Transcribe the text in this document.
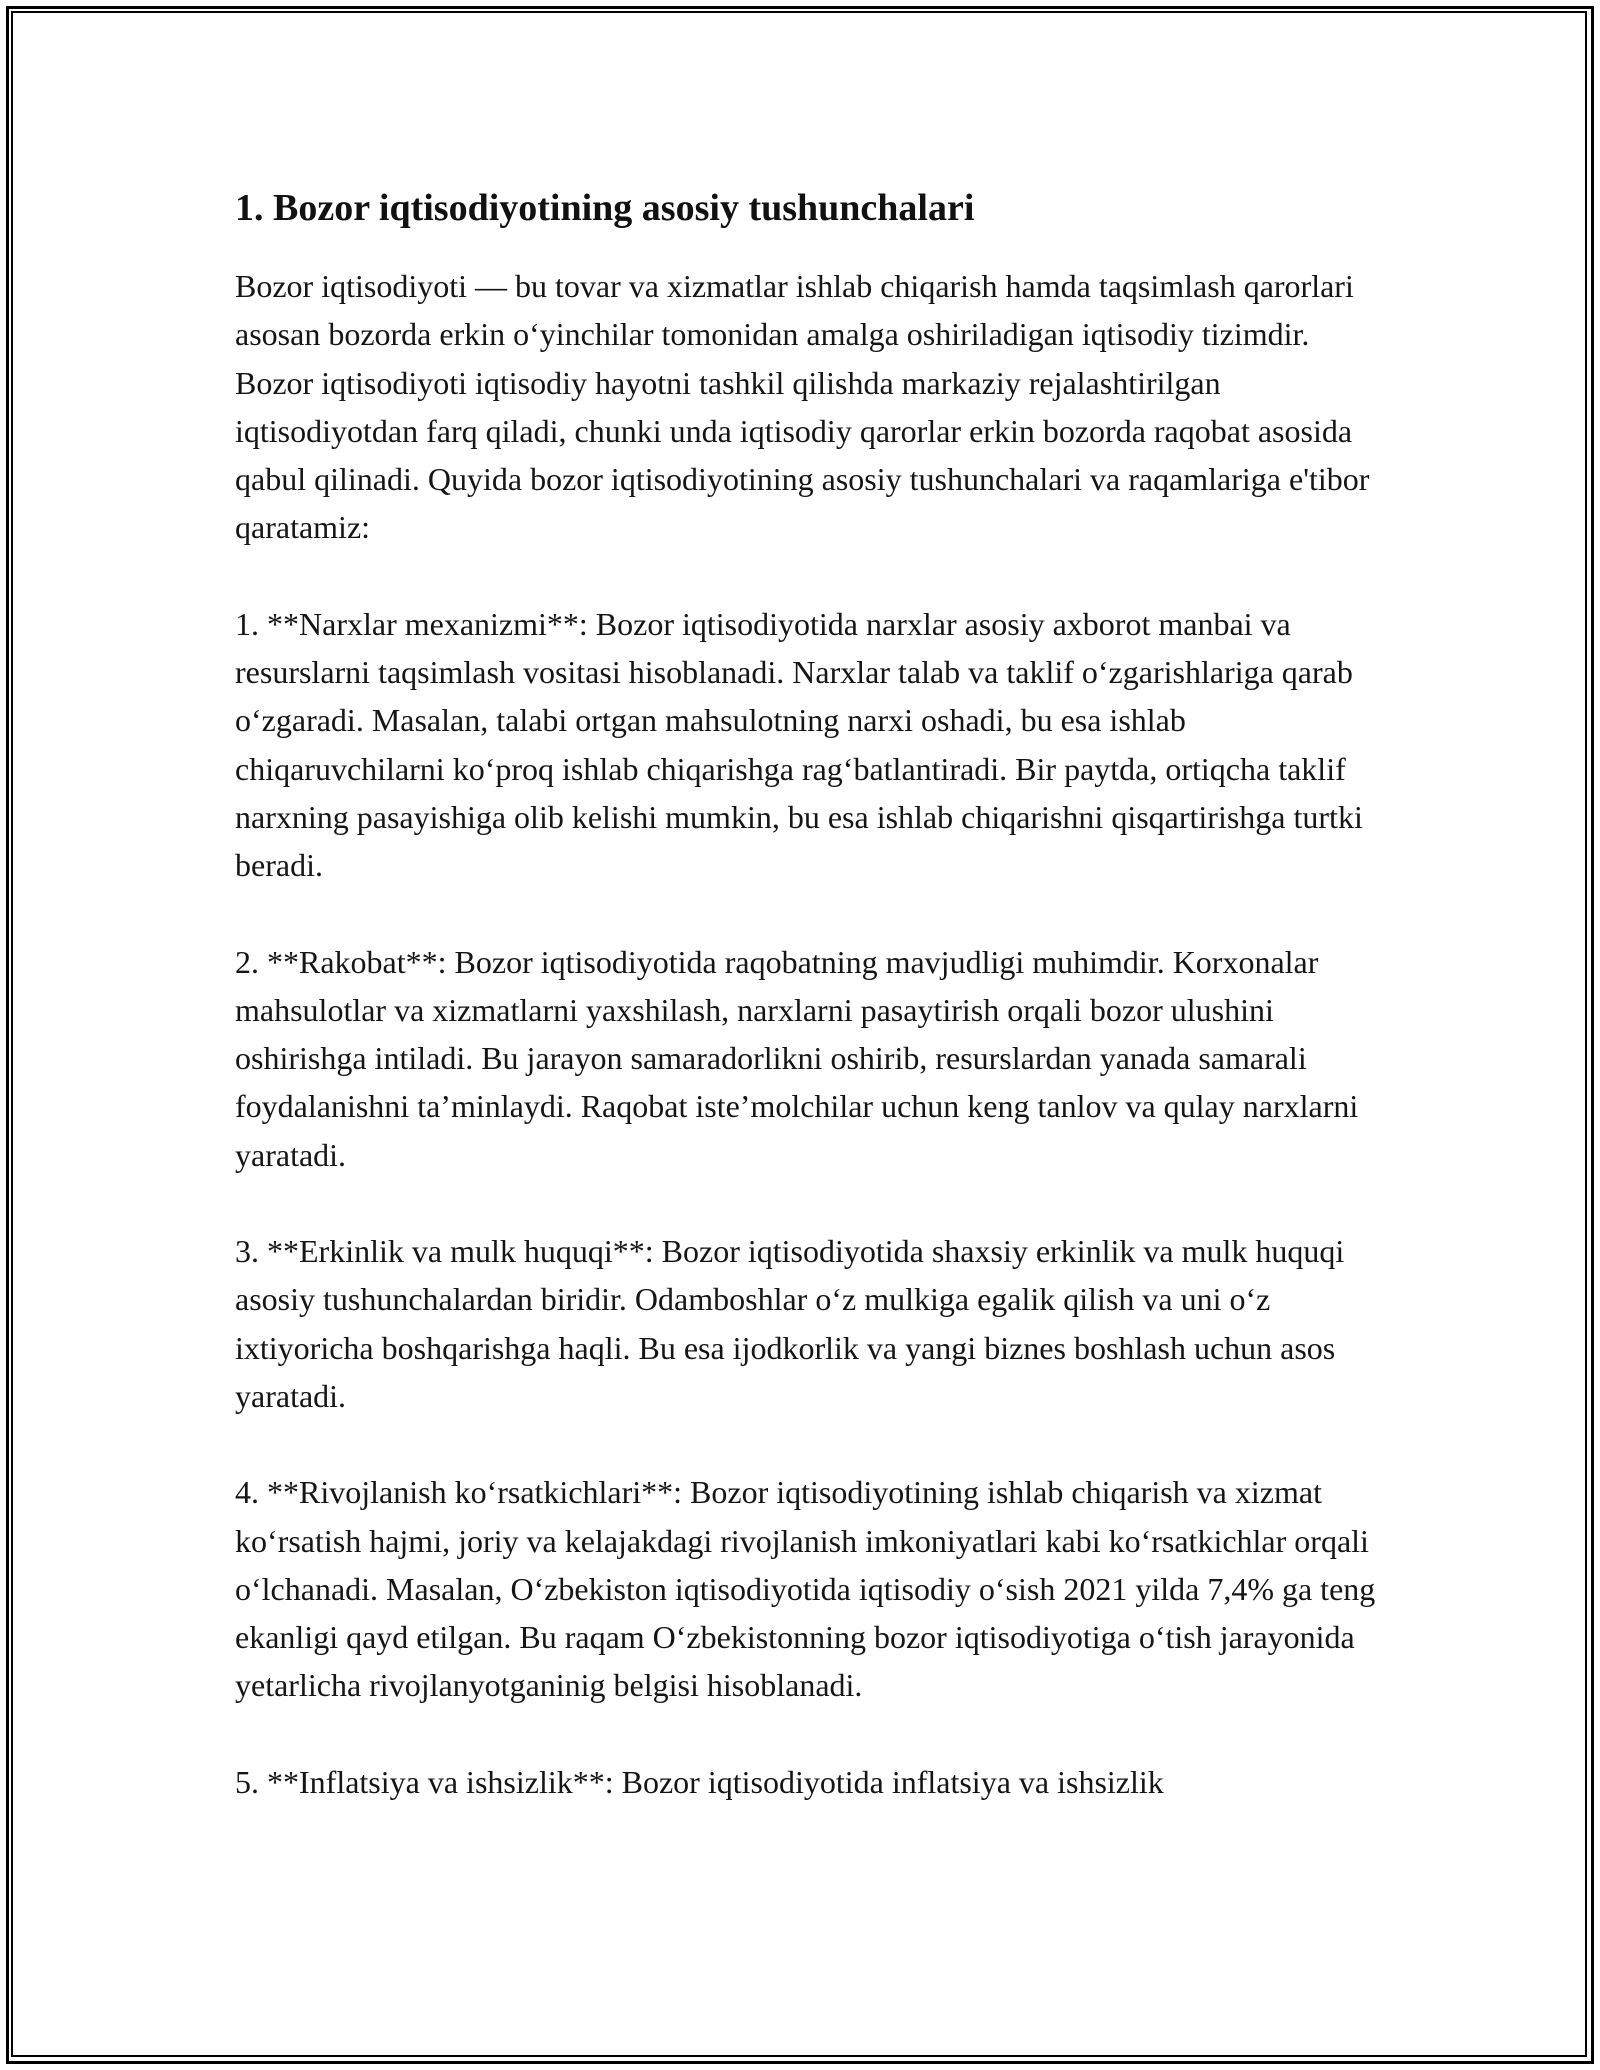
1. Bozor iqtisodiyotining asosiy tushunchalari

Bozor iqtisodiyoti — bu tovar va xizmatlar ishlab chiqarish hamda taqsimlash qarorlari asosan bozorda erkin oʻyinchilar tomonidan amalga oshiriladigan iqtisodiy tizimdir. Bozor iqtisodiyoti iqtisodiy hayotni tashkil qilishda markaziy rejalashtirilgan iqtisodiyotdan farq qiladi, chunki unda iqtisodiy qarorlar erkin bozorda raqobat asosida qabul qilinadi. Quyida bozor iqtisodiyotining asosiy tushunchalari va raqamlariga e'tibor qaratamiz:

1. **Narxlar mexanizmi**: Bozor iqtisodiyotida narxlar asosiy axborot manbai va resurslarni taqsimlash vositasi hisoblanadi. Narxlar talab va taklif oʻzgarishlariga qarab oʻzgaradi. Masalan, talabi ortgan mahsulotning narxi oshadi, bu esa ishlab chiqaruvchilarni koʻproq ishlab chiqarishga ragʻbatlantiradi. Bir paytda, ortiqcha taklif narxning pasayishiga olib kelishi mumkin, bu esa ishlab chiqarishni qisqartirishga turtki beradi.

2. **Rakobat**: Bozor iqtisodiyotida raqobatning mavjudligi muhimdir. Korxonalar mahsulotlar va xizmatlarni yaxshilash, narxlarni pasaytirish orqali bozor ulushini oshirishga intiladi. Bu jarayon samaradorlikni oshirib, resurslardan yanada samarali foydalanishni taʼminlaydi. Raqobat isteʼmolchilar uchun keng tanlov va qulay narxlarni yaratadi.

3. **Erkinlik va mulk huquqi**: Bozor iqtisodiyotida shaxsiy erkinlik va mulk huquqi asosiy tushunchalardan biridir. Odamboshlar oʻz mulkiga egalik qilish va uni oʻz ixtiyoricha boshqarishga haqli. Bu esa ijodkorlik va yangi biznes boshlash uchun asos yaratadi.

4. **Rivojlanish koʻrsatkichlari**: Bozor iqtisodiyotining ishlab chiqarish va xizmat koʻrsatish hajmi, joriy va kelajakdagi rivojlanish imkoniyatlari kabi koʻrsatkichlar orqali oʻlchanadi. Masalan, Oʻzbekiston iqtisodiyotida iqtisodiy oʻsish 2021 yilda 7,4% ga teng ekanligi qayd etilgan. Bu raqam Oʻzbekistonning bozor iqtisodiyotiga oʻtish jarayonida yetarlicha rivojlanyotganinig belgisi hisoblanadi.

5. **Inflatsiya va ishsizlik**: Bozor iqtisodiyotida inflatsiya va ishsizlik
